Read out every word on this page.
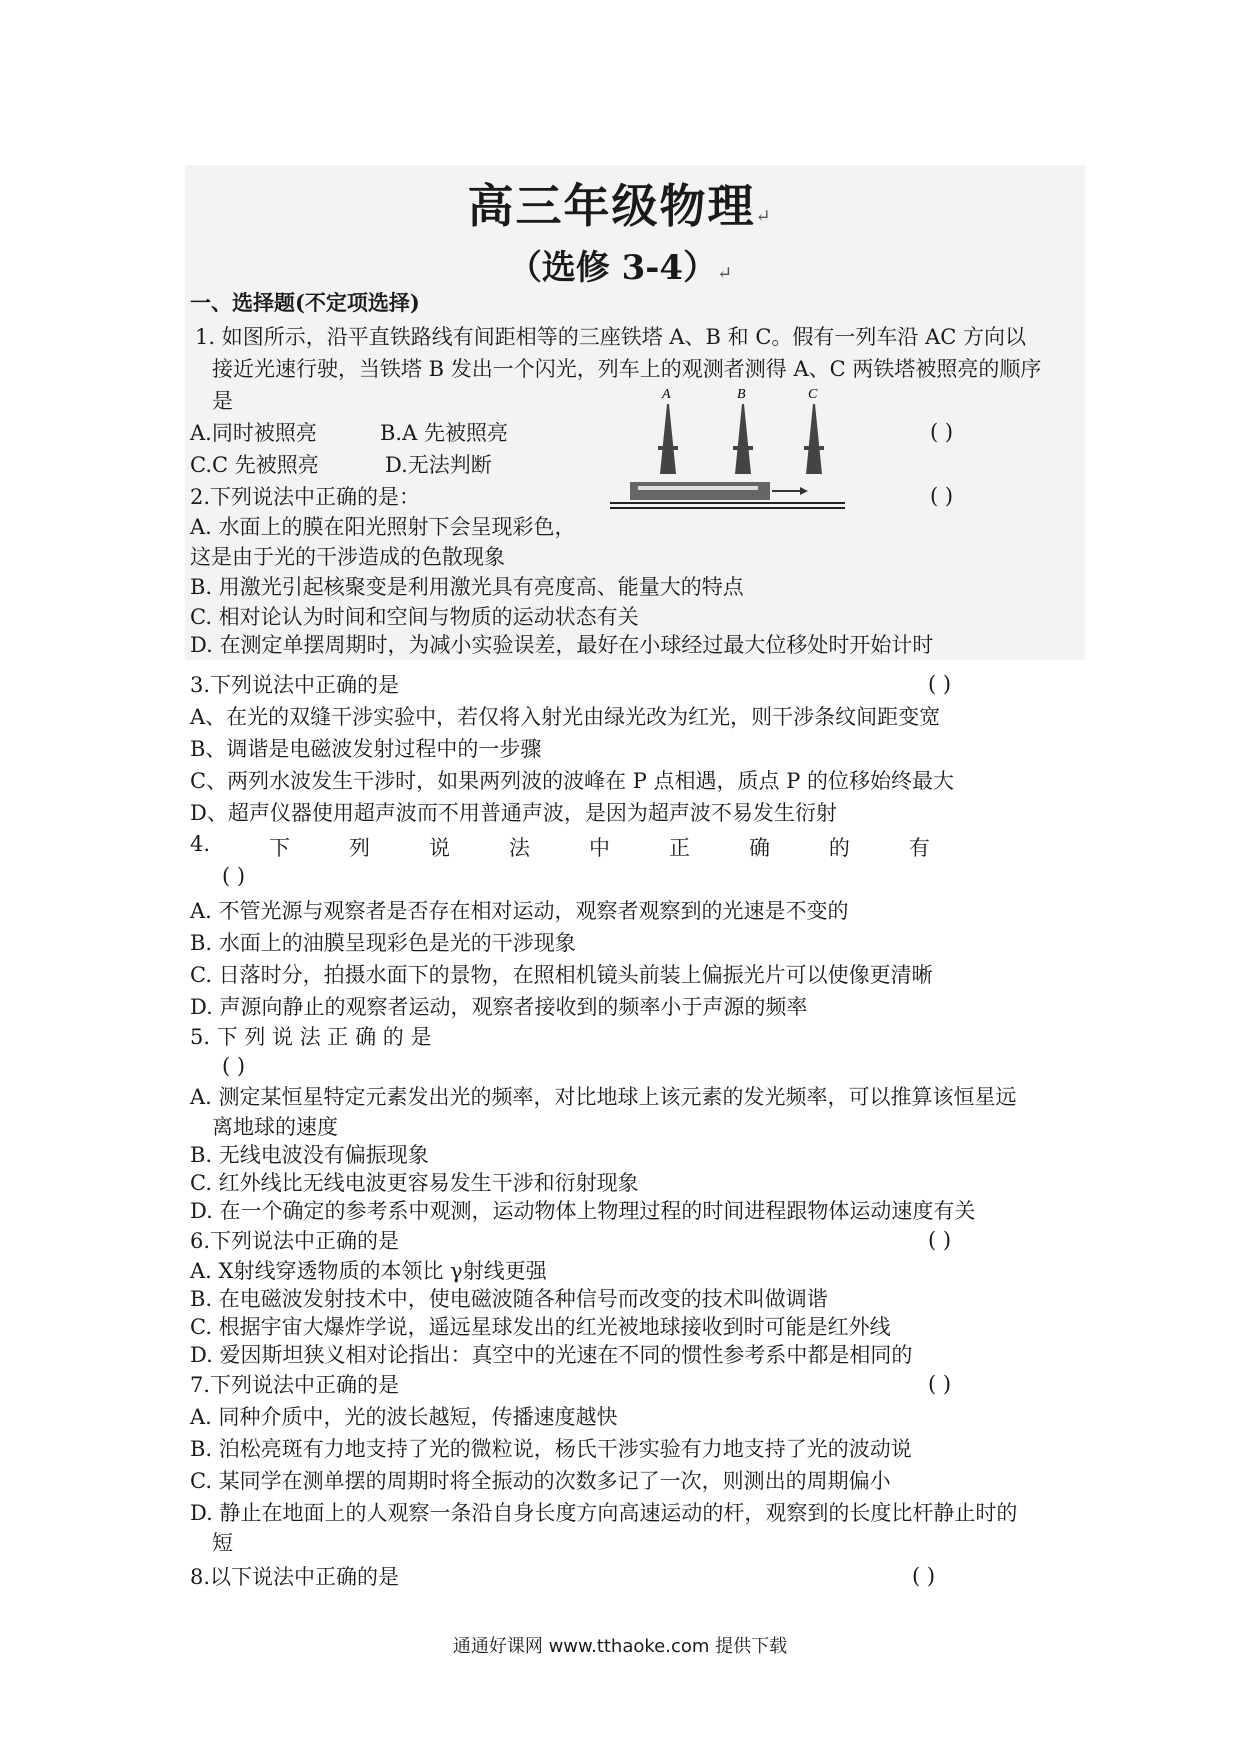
高三年级物理↵
（选修 3-4）↵
一、选择题(不定项选择)
1. 如图所示，沿平直铁路线有间距相等的三座铁塔 A、B 和 C。假有一列车沿 AC 方向以
接近光速行驶，当铁塔 B 发出一个闪光，列车上的观测者测得 A、C 两铁塔被照亮的顺序
是
A.同时被照亮	B.A 先被照亮
C.C 先被照亮	D.无法判断
( )
A	B	C
2.下列说法中正确的是：	( )
A. 水面上的膜在阳光照射下会呈现彩色，
这是由于光的干涉造成的色散现象
B. 用激光引起核聚变是利用激光具有亮度高、能量大的特点
C. 相对论认为时间和空间与物质的运动状态有关
D. 在测定单摆周期时，为减小实验误差，最好在小球经过最大位移处时开始计时
3.下列说法中正确的是	( )
A、在光的双缝干涉实验中，若仅将入射光由绿光改为红光，则干涉条纹间距变宽
B、调谐是电磁波发射过程中的一步骤
C、两列水波发生干涉时，如果两列波的波峰在 P 点相遇，质点 P 的位移始终最大
D、超声仪器使用超声波而不用普通声波，是因为超声波不易发生衍射
4.	下	列	说	法	中	正	确	的	有
( )
A. 不管光源与观察者是否存在相对运动，观察者观察到的光速是不变的
B. 水面上的油膜呈现彩色是光的干涉现象
C. 日落时分，拍摄水面下的景物，在照相机镜头前装上偏振光片可以使像更清晰
D. 声源向静止的观察者运动，观察者接收到的频率小于声源的频率
5. 下 列 说 法 正 确 的 是
( )
A. 测定某恒星特定元素发出光的频率，对比地球上该元素的发光频率，可以推算该恒星远
离地球的速度
B. 无线电波没有偏振现象
C. 红外线比无线电波更容易发生干涉和衍射现象
D. 在一个确定的参考系中观测，运动物体上物理过程的时间进程跟物体运动速度有关
6.下列说法中正确的是	( )
A. X射线穿透物质的本领比 γ射线更强
B. 在电磁波发射技术中，使电磁波随各种信号而改变的技术叫做调谐
C. 根据宇宙大爆炸学说，遥远星球发出的红光被地球接收到时可能是红外线
D. 爱因斯坦狭义相对论指出：真空中的光速在不同的惯性参考系中都是相同的
7.下列说法中正确的是	( )
A. 同种介质中，光的波长越短，传播速度越快
B. 泊松亮斑有力地支持了光的微粒说，杨氏干涉实验有力地支持了光的波动说
C. 某同学在测单摆的周期时将全振动的次数多记了一次，则测出的周期偏小
D. 静止在地面上的人观察一条沿自身长度方向高速运动的杆，观察到的长度比杆静止时的
短
8.以下说法中正确的是	( )
通通好课网 www.tthaoke.com 提供下载
